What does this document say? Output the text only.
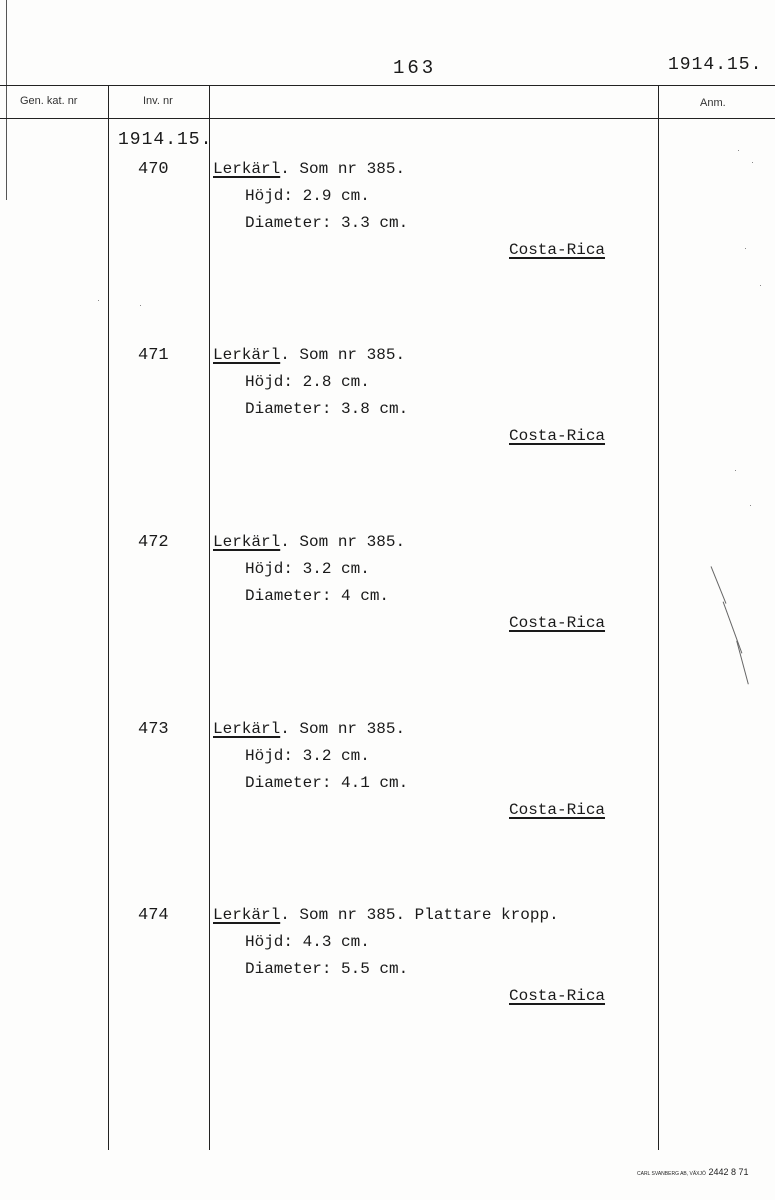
163	1914.15.
Gen. kat. nr	Inv. nr	Anm.
1914.15.
470	Lerkärl. Som nr 385.
Höjd: 2.9 cm.
Diameter: 3.3 cm.
Costa-Rica
471	Lerkärl. Som nr 385.
Höjd: 2.8 cm.
Diameter: 3.8 cm.
Costa-Rica
472	Lerkärl. Som nr 385.
Höjd: 3.2 cm.
Diameter: 4 cm.
Costa-Rica
473	Lerkärl. Som nr 385.
Höjd: 3.2 cm.
Diameter: 4.1 cm.
Costa-Rica
474	Lerkärl. Som nr 385. Plattare kropp.
Höjd: 4.3 cm.
Diameter: 5.5 cm.
Costa-Rica
CARL SVANBERG AB, VÄXJÖ 2442 8 71
